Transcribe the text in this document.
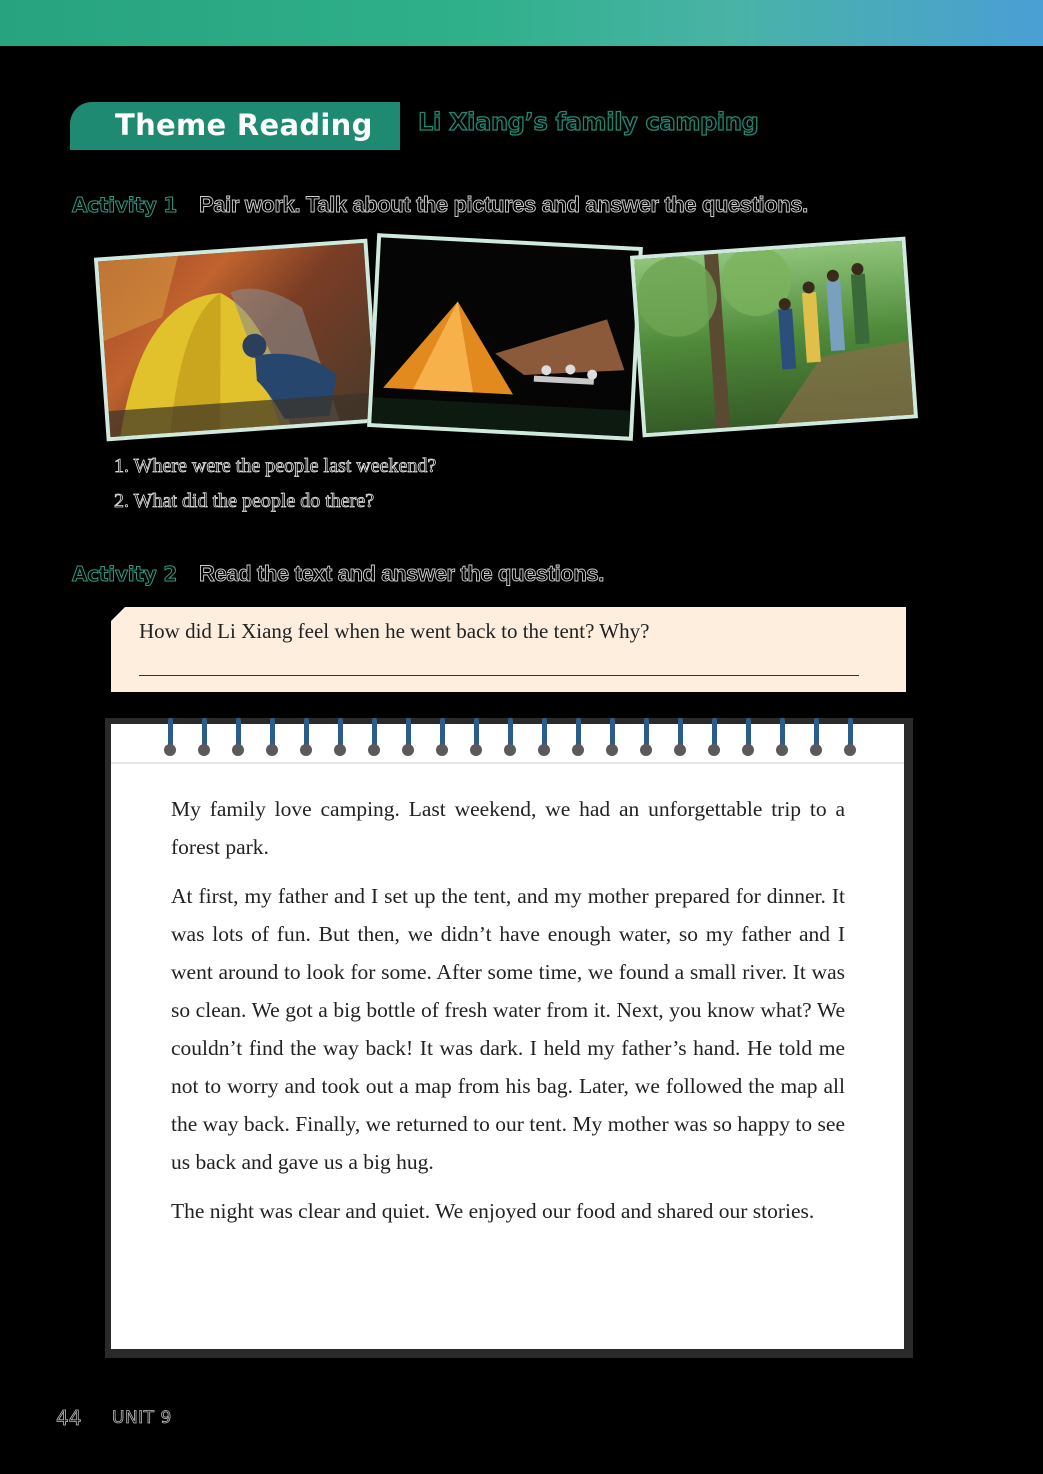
Theme Reading Li Xiang’s family camping
Activity 1 Pair work. Talk about the pictures and answer the questions.
1. Where were the people last weekend?
2. What did the people do there?
Activity 2 Read the text and answer the questions.
How did Li Xiang feel when he went back to the tent? Why?

My family love camping. Last weekend, we had an unforgettable trip to a forest park.

At first, my father and I set up the tent, and my mother prepared for dinner. It was lots of fun. But then, we didn’t have enough water, so my father and I went around to look for some. After some time, we found a small river. It was so clean. We got a big bottle of fresh water from it. Next, you know what? We couldn’t find the way back! It was dark. I held my father’s hand. He told me not to worry and took out a map from his bag. Later, we followed the map all the way back. Finally, we returned to our tent. My mother was so happy to see us back and gave us a big hug.

The night was clear and quiet. We enjoyed our food and shared our stories.

44 UNIT 9
